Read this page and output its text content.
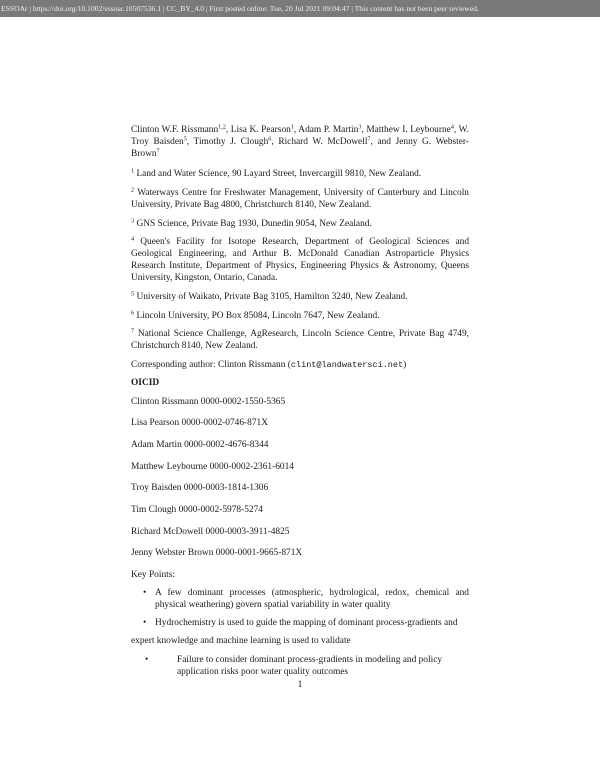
ESSOAr | https://doi.org/10.1002/essoar.10507536.1 | CC_BY_4.0 | First posted online: Tue, 20 Jul 2021 09:04:47 | This content has not been peer reviewed.
Clinton W.F. Rissmann$^{1,2}$, Lisa K. Pearson$^1$, Adam P. Martin$^3$, Matthew I. Leybourne$^4$, W. Troy Baisden$^5$, Timothy J. Clough$^6$, Richard W. McDowell$^7$, and Jenny G. Webster-Brown$^7$
$^1$ Land and Water Science, 90 Layard Street, Invercargill 9810, New Zealand.
$^2$ Waterways Centre for Freshwater Management, University of Canterbury and Lincoln University, Private Bag 4800, Christchurch 8140, New Zealand.
$^3$ GNS Science, Private Bag 1930, Dunedin 9054, New Zealand.
$^4$ Queen's Facility for Isotope Research, Department of Geological Sciences and Geological Engineering, and Arthur B. McDonald Canadian Astroparticle Physics Research Institute, Department of Physics, Engineering Physics & Astronomy, Queens University, Kingston, Ontario, Canada.
$^5$ University of Waikato, Private Bag 3105, Hamilton 3240, New Zealand.
$^6$ Lincoln University, PO Box 85084, Lincoln 7647, New Zealand.
$^7$ National Science Challenge, AgResearch, Lincoln Science Centre, Private Bag 4749, Christchurch 8140, New Zealand.
Corresponding author: Clinton Rissmann (clint@landwatersci.net)
OICID
Clinton Rissmann 0000-0002-1550-5365
Lisa Pearson 0000-0002-0746-871X
Adam Martin 0000-0002-4676-8344
Matthew Leybourne 0000-0002-2361-6014
Troy Baisden 0000-0003-1814-1306
Tim Clough 0000-0002-5978-5274
Richard McDowell 0000-0003-3911-4825
Jenny Webster Brown 0000-0001-9665-871X
Key Points:
• A few dominant processes (atmospheric, hydrological, redox, chemical and physical weathering) govern spatial variability in water quality
• Hydrochemistry is used to guide the mapping of dominant process-gradients and
expert knowledge and machine learning is used to validate
•	Failure to consider dominant process-gradients in modeling and policy application risks poor water quality outcomes
1
